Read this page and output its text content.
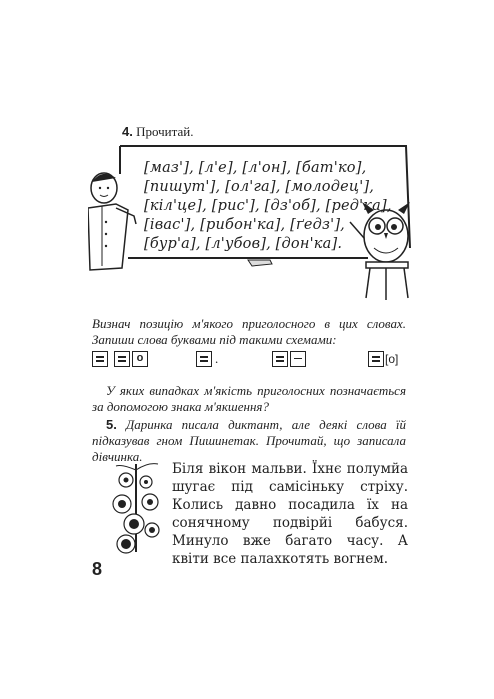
4. Прочитай.
[маз'], [л'е], [л'он], [бат'ко],
[пишут'], [ол'га], [молодец'],
[кіл'це], [рис'], [дз'об], [ред'ка],
[івас'], [рибон'ка], [ґедз'],
[бур'а], [л'убов], [дон'ка].
Визнач позицію м'якого приголосного в цих словах. Запиши слова буквами під такими схемами:
o	.	[o]
У яких випадках м'якість приголосних позначається за допомогою знака м'якшення?
5. Даринка писала диктант, але деякі слова їй підказував гном Пишинетак. Прочитай, що записала дівчинка.
Біля вікон мальви. Їхнє полумйа шугає під самісіньку стріху. Колись давно посадила їх на сонячному подвірйі бабуся. Минуло вже багато часу. А квіти все палахкотять вогнем.
8
